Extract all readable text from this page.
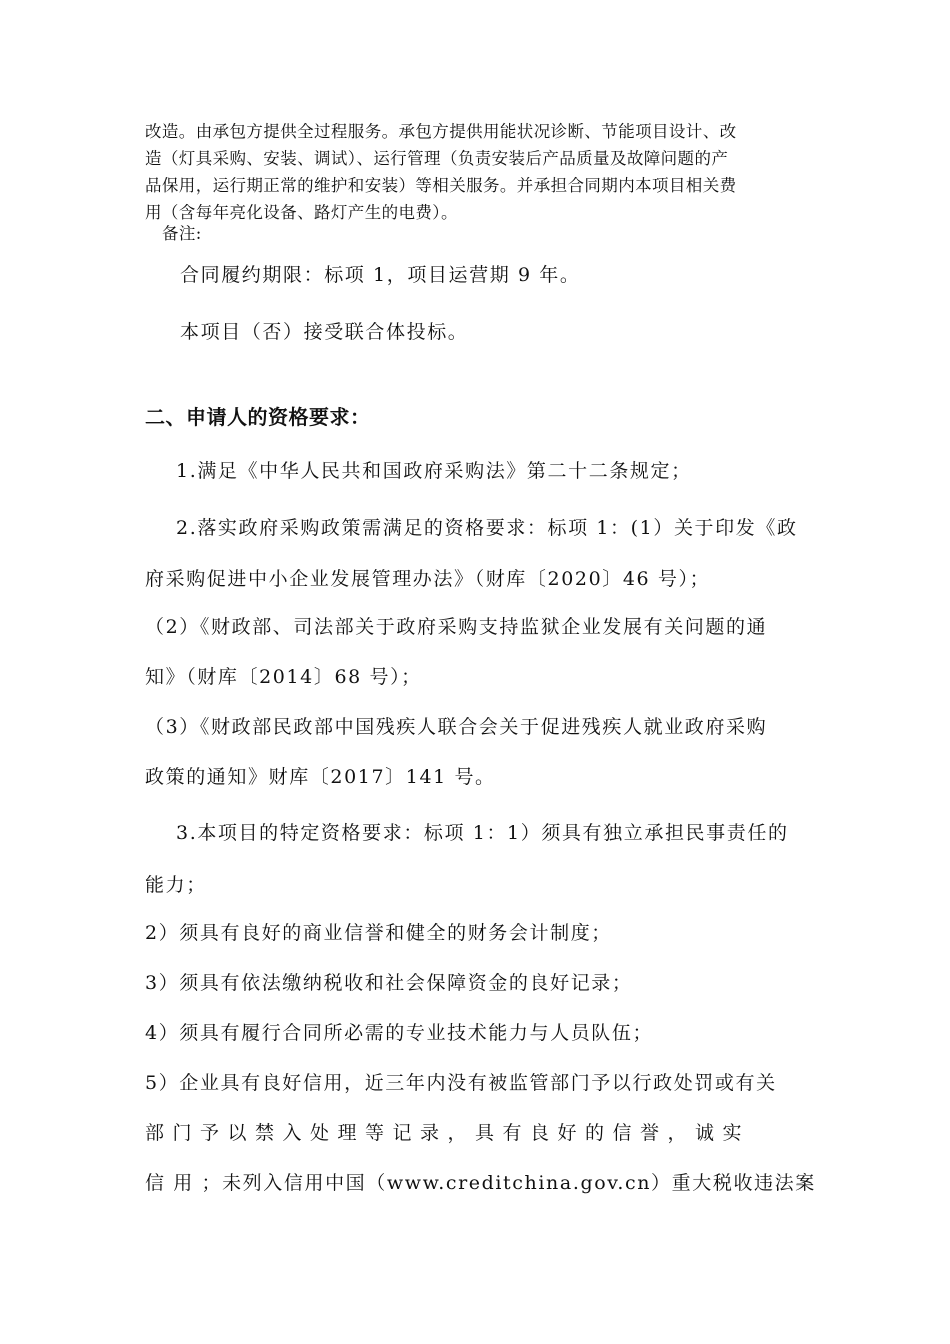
改造。由承包方提供全过程服务。承包方提供用能状况诊断、节能项目设计、改
造（灯具采购、安装、调试）、运行管理（负责安装后产品质量及故障问题的产
品保用，运行期正常的维护和安装）等相关服务。并承担合同期内本项目相关费
用（含每年亮化设备、路灯产生的电费）。
备注:
合同履约期限：标项 1，项目运营期 9 年。
本项目（否）接受联合体投标。
二、申请人的资格要求：
1.满足《中华人民共和国政府采购法》第二十二条规定；
2.落实政府采购政策需满足的资格要求：标项 1：(1）关于印发《政
府采购促进中小企业发展管理办法》（财库〔2020〕46 号）；
（2）《财政部、司法部关于政府采购支持监狱企业发展有关问题的通
知》（财库〔2014〕68 号）；
（3）《财政部民政部中国残疾人联合会关于促进残疾人就业政府采购
政策的通知》财库〔2017〕141 号。
3.本项目的特定资格要求：标项 1：1）须具有独立承担民事责任的
能力；
2）须具有良好的商业信誉和健全的财务会计制度；
3）须具有依法缴纳税收和社会保障资金的良好记录；
4）须具有履行合同所必需的专业技术能力与人员队伍；
5）企业具有良好信用，近三年内没有被监管部门予以行政处罚或有关
部门予以禁入处理等记录，具有良好的信誉，诚实
信 用 ；未列入信用中国（www.creditchina.gov.cn）重大税收违法案
